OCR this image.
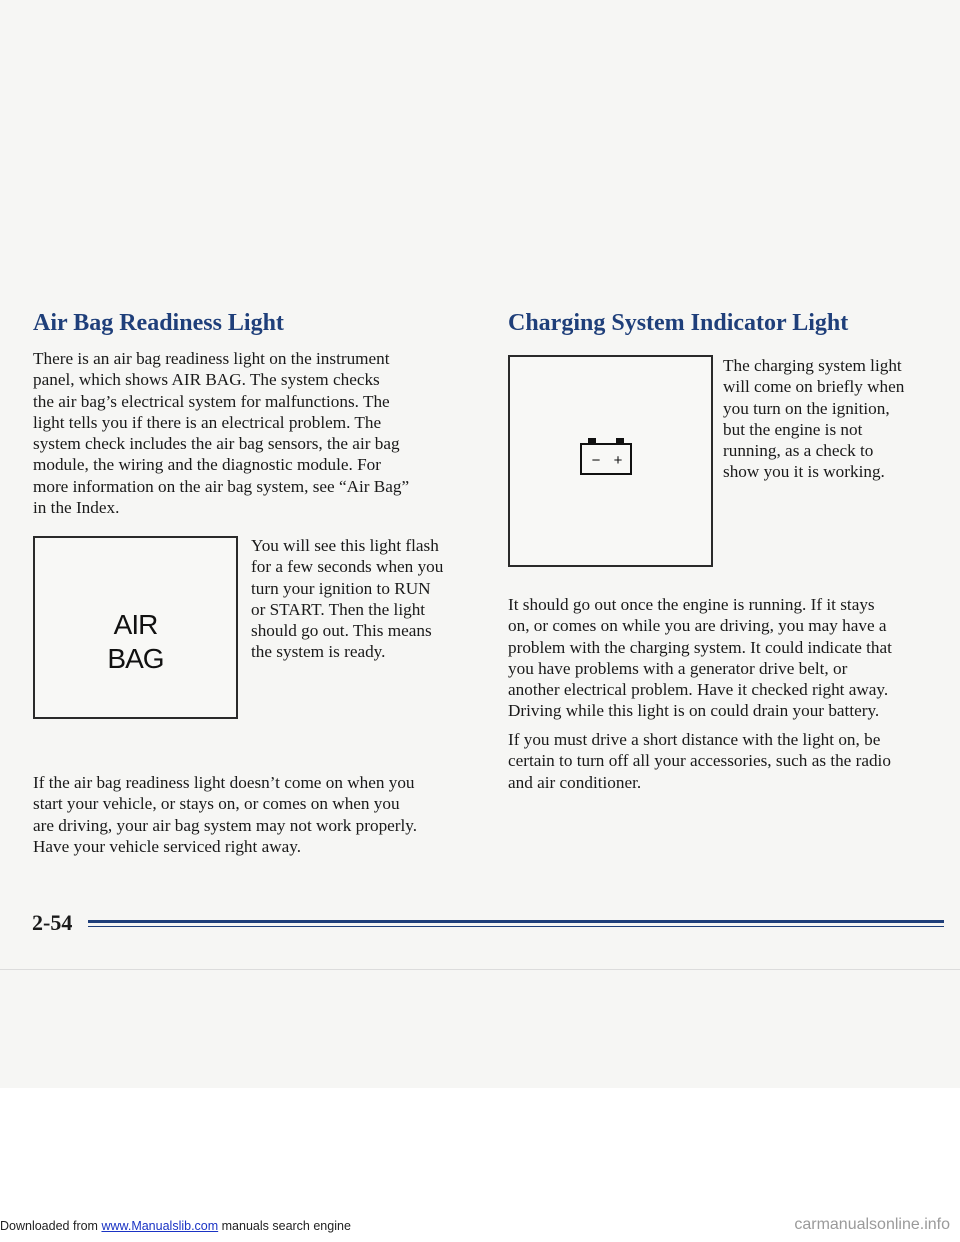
Air Bag Readiness Light
There is an air bag readiness light on the instrument
panel, which shows AIR BAG. The system checks
the air bag’s electrical system for malfunctions. The
light tells you if there is an electrical problem. The
system check includes the air bag sensors, the air bag
module, the wiring and the diagnostic module. For
more information on the air bag system, see “Air Bag”
in the Index.
AIR
BAG
You will see this light flash
for a few seconds when you
turn your ignition to RUN
or START. Then the light
should go out. This means
the system is ready.
If the air bag readiness light doesn’t come on when you
start your vehicle, or stays on, or comes on when you
are driving, your air bag system may not work properly.
Have your vehicle serviced right away.
Charging System Indicator Light
− +
The charging system light
will come on briefly when
you turn on the ignition,
but the engine is not
running, as a check to
show you it is working.
It should go out once the engine is running. If it stays
on, or comes on while you are driving, you may have a
problem with the charging system. It could indicate that
you have problems with a generator drive belt, or
another electrical problem. Have it checked right away.
Driving while this light is on could drain your battery.
If you must drive a short distance with the light on, be
certain to turn off all your accessories, such as the radio
and air conditioner.
2-54
Downloaded from www.Manualslib.com manuals search engine	carmanualsonline.info
